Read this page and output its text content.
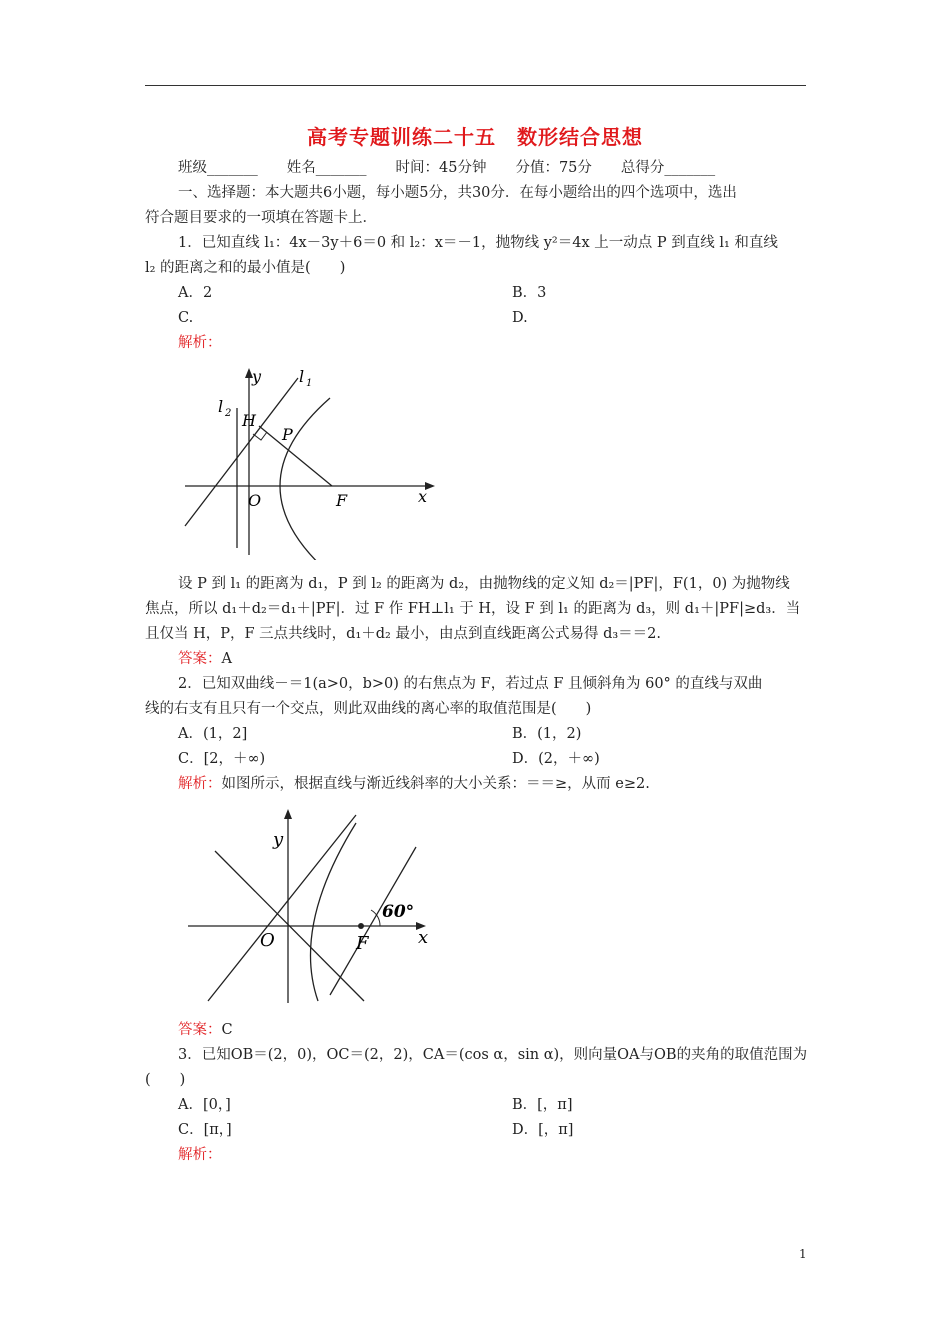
高考专题训练二十五　数形结合思想
班级_______　　姓名_______　　时间：45分钟　　分值：75分　　总得分_______
一、选择题：本大题共6小题，每小题5分，共30分．在每小题给出的四个选项中，选出
符合题目要求的一项填在答题卡上．
1．已知直线 l₁：4x－3y＋6＝0 和 l₂：x＝－1，抛物线 y²＝4x 上一动点 P 到直线 l₁ 和直线
l₂ 的距离之和的最小值是(　　)
A．2	B．3
C.	D.
解析：
y l 1
l 2 H
P
O	F	x
设 P 到 l₁ 的距离为 d₁，P 到 l₂ 的距离为 d₂，由抛物线的定义知 d₂＝|PF|，F(1，0) 为抛物线
焦点，所以 d₁＋d₂＝d₁＋|PF|．过 F 作 FH⊥l₁ 于 H，设 F 到 l₁ 的距离为 d₃，则 d₁＋|PF|≥d₃．当
且仅当 H，P，F 三点共线时，d₁＋d₂ 最小，由点到直线距离公式易得 d₃＝＝2.
答案：A
2．已知双曲线－＝1(a>0，b>0) 的右焦点为 F，若过点 F 且倾斜角为 60° 的直线与双曲
线的右支有且只有一个交点，则此双曲线的离心率的取值范围是(　　)
A．(1，2]	B．(1，2)
C．[2，＋∞)	D．(2，＋∞)
解析：如图所示，根据直线与渐近线斜率的大小关系：＝＝≥，从而 e≥2.
y
O	F	x
60°
答案：C
3．已知OB＝(2，0)，OC＝(2，2)，CA＝(cos α，sin α)，则向量OA与OB的夹角的取值范围为
(　　)
A．[0，]	B．[，π]
C．[π，]	D．[，π]
解析：
1
